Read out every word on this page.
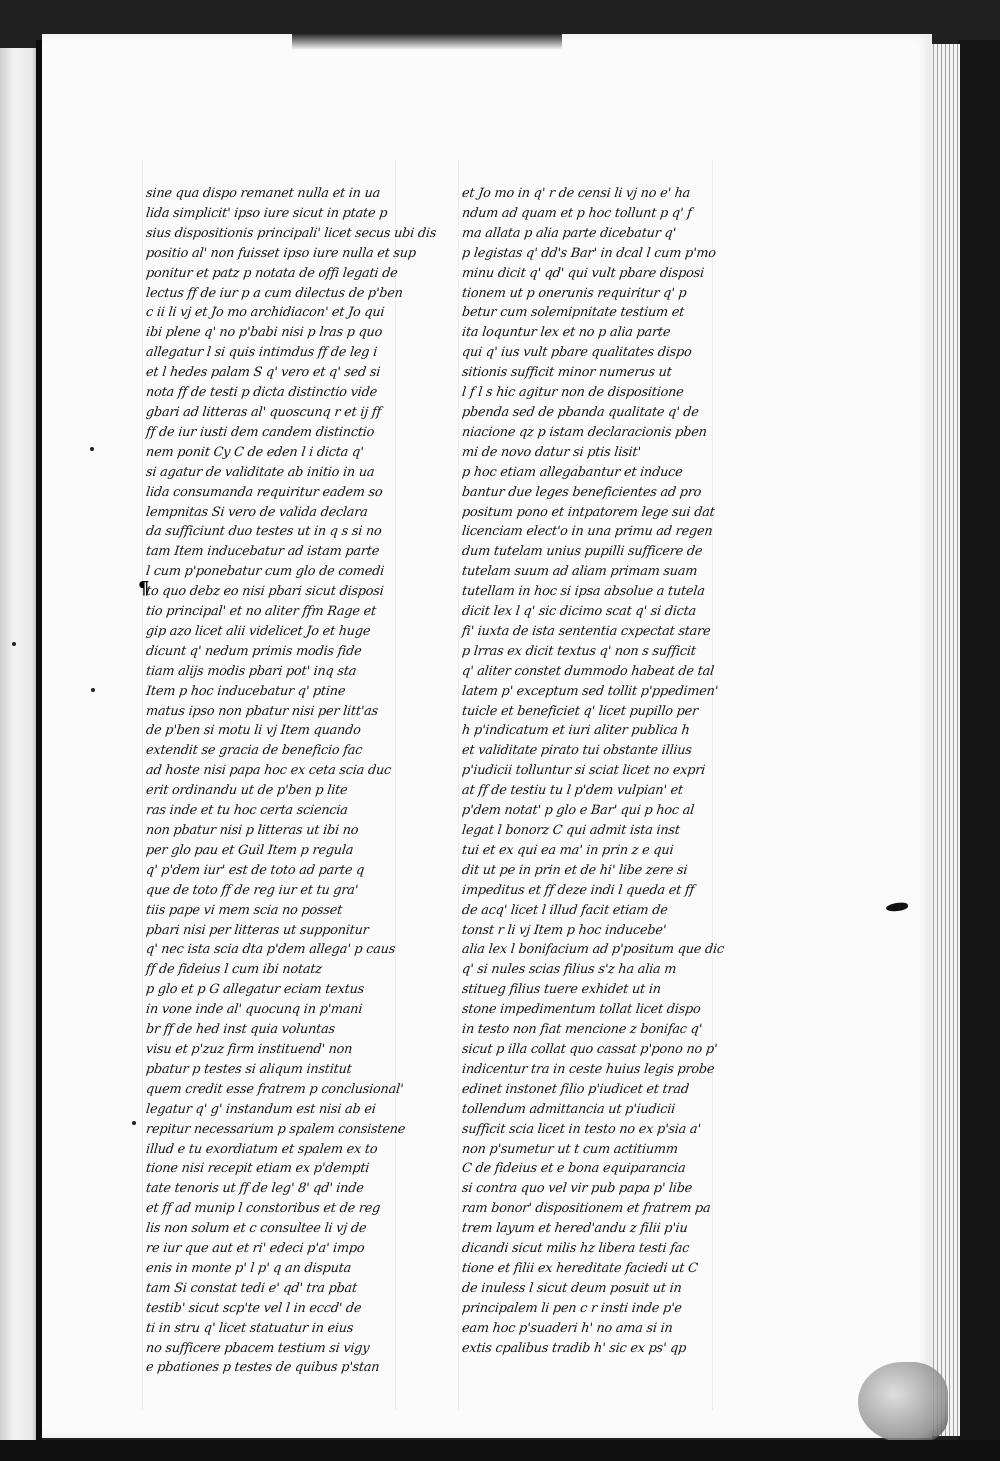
sine qua dispo remanet nulla et in ua
lida simplicit' ipso iure sicut in ptate p
sius dispositionis principali' licet secus ubi dis
positio al' non fuisset ipso iure nulla et sup
ponitur et patz p notata de offi legati de
lectus ff de iur p a cum dilectus de p'ben
c ii li vj et Jo mo archidiacon' et Jo qui
ibi plene q' no p'babi nisi p lras p quo
allegatur l si quis intimdus ff de leg i
et l hedes palam S q' vero et q' sed si
nota ff de testi p dicta distinctio vide
gbari ad litteras al' quoscunq r et ij ff
ff de iur iusti dem candem distinctio
nem ponit Cy C de eden l i dicta q'
si agatur de validitate ab initio in ua
lida consumanda requiritur eadem so
lempnitas Si vero de valida declara
da sufficiunt duo testes ut in q s si no
tam Item inducebatur ad istam parte
l cum p'ponebatur cum glo de comedi
to quo debz eo nisi pbari sicut disposi
tio principal' et no aliter ffm Rage et
gip azo licet alii videlicet Jo et huge
dicunt q' nedum primis modis fide
tiam alijs modis pbari pot' inq sta
Item p hoc inducebatur q' ptine
matus ipso non pbatur nisi per litt'as
de p'ben si motu li vj Item quando
extendit se gracia de beneficio fac
ad hoste nisi papa hoc ex ceta scia duc
erit ordinandu ut de p'ben p lite
ras inde et tu hoc certa sciencia
non pbatur nisi p litteras ut ibi no
per glo pau et Guil Item p regula
q' p'dem iur' est de toto ad parte q
que de toto ff de reg iur et tu gra'
tiis pape vi mem scia no posset
pbari nisi per litteras ut supponitur
q' nec ista scia dta p'dem allega' p caus
ff de fideius l cum ibi notatz
p glo et p G allegatur eciam textus
in vone inde al' quocunq in p'mani
br ff de hed inst quia voluntas
visu et p'zuz firm instituend' non
pbatur p testes si aliqum institut
quem credit esse fratrem p conclusional'
legatur q' g' instandum est nisi ab ei
repitur necessarium p spalem consistene
illud e tu exordiatum et spalem ex to
tione nisi recepit etiam ex p'dempti
tate tenoris ut ff de leg' 8' qd' inde
et ff ad munip l constoribus et de reg
lis non solum et c consultee li vj de
re iur que aut et ri' edeci p'a' impo
enis in monte p' l p' q an disputa
tam Si constat tedi e' qd' tra pbat
testib' sicut scp'te vel l in eccd' de
ti in stru q' licet statuatur in eius
no sufficere pbacem testium si vigy
e pbationes p testes de quibus p'stan
et Jo mo in q' r de censi li vj no e' ha
ndum ad quam et p hoc tollunt p q' f
ma allata p alia parte dicebatur q'
p legistas q' dd's Bar' in dcal l cum p'mo
minu dicit q' qd' qui vult pbare disposi
tionem ut p onerunis requiritur q' p
betur cum solemipnitate testium et
ita loquntur lex et no p alia parte
qui q' ius vult pbare qualitates dispo
sitionis sufficit minor numerus ut
l f l s hic agitur non de dispositione
pbenda sed de pbanda qualitate q' de
niacione qz p istam declaracionis pben
mi de novo datur si ptis lisit'
p hoc etiam allegabantur et induce
bantur due leges beneficientes ad pro
positum pono et intpatorem lege sui dat
licenciam elect'o in una primu ad regen
dum tutelam unius pupilli sufficere de
tutelam suum ad aliam primam suam
tutellam in hoc si ipsa absolue a tutela
dicit lex l q' sic dicimo scat q' si dicta
fi' iuxta de ista sententia cxpectat stare
p lrras ex dicit textus q' non s sufficit
q' aliter constet dummodo habeat de tal
latem p' exceptum sed tollit p'ppedimen'
tuicle et beneficiet q' licet pupillo per
h p'indicatum et iuri aliter publica h
et validitate pirato tui obstante illius
p'iudicii tolluntur si sciat licet no expri
at ff de testiu tu l p'dem vulpian' et
p'dem notat' p glo e Bar' qui p hoc al
legat l bonorz C qui admit ista inst
tui et ex qui ea ma' in prin z e qui
dit ut pe in prin et de hi' libe zere si
impeditus et ff deze indi l queda et ff
de acq' licet l illud facit etiam de
tonst r li vj Item p hoc inducebe'
alia lex l bonifacium ad p'positum que dic
q' si nules scias filius s'z ha alia m
stitueg filius tuere exhidet ut in
stone impedimentum tollat licet dispo
in testo non fiat mencione z bonifac q'
sicut p illa collat quo cassat p'pono no p'
indicentur tra in ceste huius legis probe
edinet instonet filio p'iudicet et trad
tollendum admittancia ut p'iudicii
sufficit scia licet in testo no ex p'sia a'
non p'sumetur ut t cum actitiumm
C de fideius et e bona equiparancia
si contra quo vel vir pub papa p' libe
ram bonor' dispositionem et fratrem pa
trem layum et hered'andu z filii p'iu
dicandi sicut milis hz libera testi fac
tione et filii ex hereditate faciedi ut C
de inuless l sicut deum posuit ut in
principalem li pen c r insti inde p'e
eam hoc p'suaderi h' no ama si in
extis cpalibus tradib h' sic ex ps' qp
¶
